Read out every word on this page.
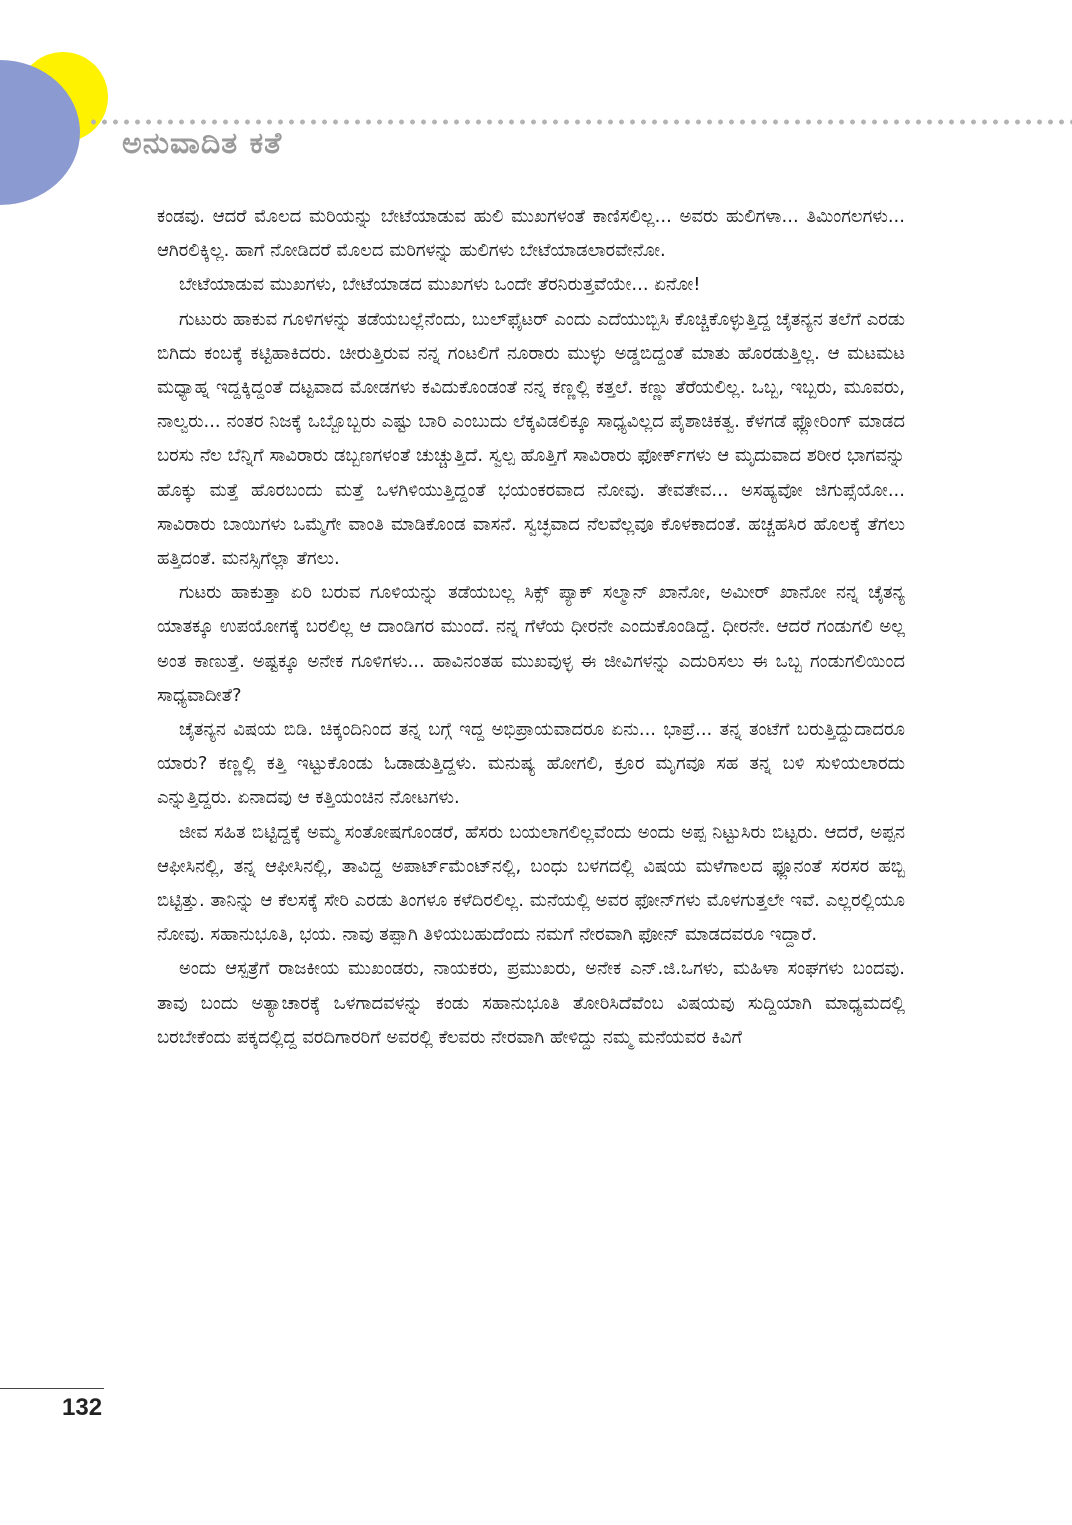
ಅನುವಾದಿತ ಕತೆ

ಕಂಡವು. ಆದರೆ ಮೊಲದ ಮರಿಯನ್ನು ಬೇಟೆಯಾಡುವ ಹುಲಿ ಮುಖಗಳಂತೆ ಕಾಣಿಸಲಿಲ್ಲ... ಅವರು ಹುಲಿಗಳಾ... ತಿಮಿಂಗಲಗಳು... ಆಗಿರಲಿಕ್ಕಿಲ್ಲ. ಹಾಗೆ ನೋಡಿದರೆ ಮೊಲದ ಮರಿಗಳನ್ನು ಹುಲಿಗಳು ಬೇಟೆಯಾಡಲಾರವೇನೋ.

ಬೇಟೆಯಾಡುವ ಮುಖಗಳು, ಬೇಟೆಯಾಡದ ಮುಖಗಳು ಒಂದೇ ತೆರನಿರುತ್ತವೆಯೇ... ಏನೋ!

ಗುಟುರು ಹಾಕುವ ಗೂಳಿಗಳನ್ನು ತಡೆಯಬಲ್ಲೆನೆಂದು, ಬುಲ್‌ಫೈಟರ್ ಎಂದು ಎದೆಯುಬ್ಬಿಸಿ ಕೊಚ್ಚಿಕೊಳ್ಳುತ್ತಿದ್ದ ಚೈತನ್ಯನ ತಲೆಗೆ ಎರಡು ಬಿಗಿದು ಕಂಬಕ್ಕೆ ಕಟ್ಟಿಹಾಕಿದರು. ಚೀರುತ್ತಿರುವ ನನ್ನ ಗಂಟಲಿಗೆ ನೂರಾರು ಮುಳ್ಳು ಅಡ್ಡಬಿದ್ದಂತೆ ಮಾತು ಹೊರಡುತ್ತಿಲ್ಲ. ಆ ಮಟಮಟ ಮಧ್ಯಾಹ್ನ ಇದ್ದಕ್ಕಿದ್ದಂತೆ ದಟ್ಟವಾದ ಮೋಡಗಳು ಕವಿದುಕೊಂಡಂತೆ ನನ್ನ ಕಣ್ಣಲ್ಲಿ ಕತ್ತಲೆ. ಕಣ್ಣು ತೆರೆಯಲಿಲ್ಲ. ಒಬ್ಬ, ಇಬ್ಬರು, ಮೂವರು, ನಾಲ್ವರು... ನಂತರ ನಿಜಕ್ಕೆ ಒಬ್ಬೊಬ್ಬರು ಎಷ್ಟು ಬಾರಿ ಎಂಬುದು ಲೆಕ್ಕವಿಡಲಿಕ್ಕೂ ಸಾಧ್ಯವಿಲ್ಲದ ಪೈಶಾಚಿಕತ್ವ. ಕೆಳಗಡೆ ಫ್ಲೋರಿಂಗ್ ಮಾಡದ ಬರಸು ನೆಲ ಬೆನ್ನಿಗೆ ಸಾವಿರಾರು ಡಬ್ಬಣಗಳಂತೆ ಚುಚ್ಚುತ್ತಿದೆ. ಸ್ವಲ್ಪ ಹೊತ್ತಿಗೆ ಸಾವಿರಾರು ಫೋರ್ಕ್‌ಗಳು ಆ ಮೃದುವಾದ ಶರೀರ ಭಾಗವನ್ನು ಹೊಕ್ಕು ಮತ್ತೆ ಹೊರಬಂದು ಮತ್ತೆ ಒಳಗಿಳಿಯುತ್ತಿದ್ದಂತೆ ಭಯಂಕರವಾದ ನೋವು. ತೇವತೇವ... ಅಸಹ್ಯವೋ ಜಿಗುಪ್ಸೆಯೋ... ಸಾವಿರಾರು ಬಾಯಿಗಳು ಒಮ್ಮೆಗೇ ವಾಂತಿ ಮಾಡಿಕೊಂಡ ವಾಸನೆ. ಸ್ವಚ್ಛವಾದ ನೆಲವೆಲ್ಲವೂ ಕೊಳಕಾದಂತೆ. ಹಚ್ಚಹಸಿರ ಹೊಲಕ್ಕೆ ತೆಗಲು ಹತ್ತಿದಂತೆ. ಮನಸ್ಸಿಗೆಲ್ಲಾ ತೆಗಲು.

ಗುಟರು ಹಾಕುತ್ತಾ ಏರಿ ಬರುವ ಗೂಳಿಯನ್ನು ತಡೆಯಬಲ್ಲ ಸಿಕ್ಸ್ ಪ್ಯಾಕ್ ಸಲ್ಮಾನ್ ಖಾನೋ, ಅಮೀರ್ ಖಾನೋ ನನ್ನ ಚೈತನ್ಯ ಯಾತಕ್ಕೂ ಉಪಯೋಗಕ್ಕೆ ಬರಲಿಲ್ಲ ಆ ದಾಂಡಿಗರ ಮುಂದೆ. ನನ್ನ ಗೆಳೆಯ ಧೀರನೇ ಎಂದುಕೊಂಡಿದ್ದೆ. ಧೀರನೇ. ಆದರೆ ಗಂಡುಗಲಿ ಅಲ್ಲ ಅಂತ ಕಾಣುತ್ತೆ. ಅಷ್ಟಕ್ಕೂ ಅನೇಕ ಗೂಳಿಗಳು... ಹಾವಿನಂತಹ ಮುಖವುಳ್ಳ ಈ ಜೀವಿಗಳನ್ನು ಎದುರಿಸಲು ಈ ಒಬ್ಬ ಗಂಡುಗಲಿಯಿಂದ ಸಾಧ್ಯವಾದೀತೆ?

ಚೈತನ್ಯನ ವಿಷಯ ಬಿಡಿ. ಚಿಕ್ಕಂದಿನಿಂದ ತನ್ನ ಬಗ್ಗೆ ಇದ್ದ ಅಭಿಪ್ರಾಯವಾದರೂ ಏನು... ಭಾಪ್ರೆ... ತನ್ನ ತಂಟೆಗೆ ಬರುತ್ತಿದ್ದುದಾದರೂ ಯಾರು? ಕಣ್ಣಲ್ಲಿ ಕತ್ತಿ ಇಟ್ಟುಕೊಂಡು ಓಡಾಡುತ್ತಿದ್ದಳು. ಮನುಷ್ಯ ಹೋಗಲಿ, ಕ್ರೂರ ಮೃಗವೂ ಸಹ ತನ್ನ ಬಳಿ ಸುಳಿಯಲಾರದು ಎನ್ನುತ್ತಿದ್ದರು. ಏನಾದವು ಆ ಕತ್ತಿಯಂಚಿನ ನೋಟಗಳು.

ಜೀವ ಸಹಿತ ಬಿಟ್ಟಿದ್ದಕ್ಕೆ ಅಮ್ಮ ಸಂತೋಷಗೊಂಡರೆ, ಹೆಸರು ಬಯಲಾಗಲಿಲ್ಲವೆಂದು ಅಂದು ಅಪ್ಪ ನಿಟ್ಟುಸಿರು ಬಿಟ್ಟರು. ಆದರೆ, ಅಪ್ಪನ ಆಫೀಸಿನಲ್ಲಿ, ತನ್ನ ಆಫೀಸಿನಲ್ಲಿ, ತಾವಿದ್ದ ಅಪಾರ್ಟ್‌ಮೆಂಟ್‌ನಲ್ಲಿ, ಬಂಧು ಬಳಗದಲ್ಲಿ ವಿಷಯ ಮಳೆಗಾಲದ ಫ್ಲೂನಂತೆ ಸರಸರ ಹಬ್ಬಿ ಬಿಟ್ಟಿತ್ತು. ತಾನಿನ್ನು ಆ ಕೆಲಸಕ್ಕೆ ಸೇರಿ ಎರಡು ತಿಂಗಳೂ ಕಳೆದಿರಲಿಲ್ಲ. ಮನೆಯಲ್ಲಿ ಅವರ ಫೋನ್‌ಗಳು ಮೊಳಗುತ್ತಲೇ ಇವೆ. ಎಲ್ಲರಲ್ಲಿಯೂ ನೋವು. ಸಹಾನುಭೂತಿ, ಭಯ. ನಾವು ತಪ್ಪಾಗಿ ತಿಳಿಯಬಹುದೆಂದು ನಮಗೆ ನೇರವಾಗಿ ಫೋನ್ ಮಾಡದವರೂ ಇದ್ದಾರೆ.

ಅಂದು ಆಸ್ಪತ್ರೆಗೆ ರಾಜಕೀಯ ಮುಖಂಡರು, ನಾಯಕರು, ಪ್ರಮುಖರು, ಅನೇಕ ಎನ್.ಜಿ.ಒಗಳು, ಮಹಿಳಾ ಸಂಘಗಳು ಬಂದವು. ತಾವು ಬಂದು ಅತ್ಯಾಚಾರಕ್ಕೆ ಒಳಗಾದವಳನ್ನು ಕಂಡು ಸಹಾನುಭೂತಿ ತೋರಿಸಿದೆವೆಂಬ ವಿಷಯವು ಸುದ್ದಿಯಾಗಿ ಮಾಧ್ಯಮದಲ್ಲಿ ಬರಬೇಕೆಂದು ಪಕ್ಕದಲ್ಲಿದ್ದ ವರದಿಗಾರರಿಗೆ ಅವರಲ್ಲಿ ಕೆಲವರು ನೇರವಾಗಿ ಹೇಳಿದ್ದು ನಮ್ಮ ಮನೆಯವರ ಕಿವಿಗೆ

132
